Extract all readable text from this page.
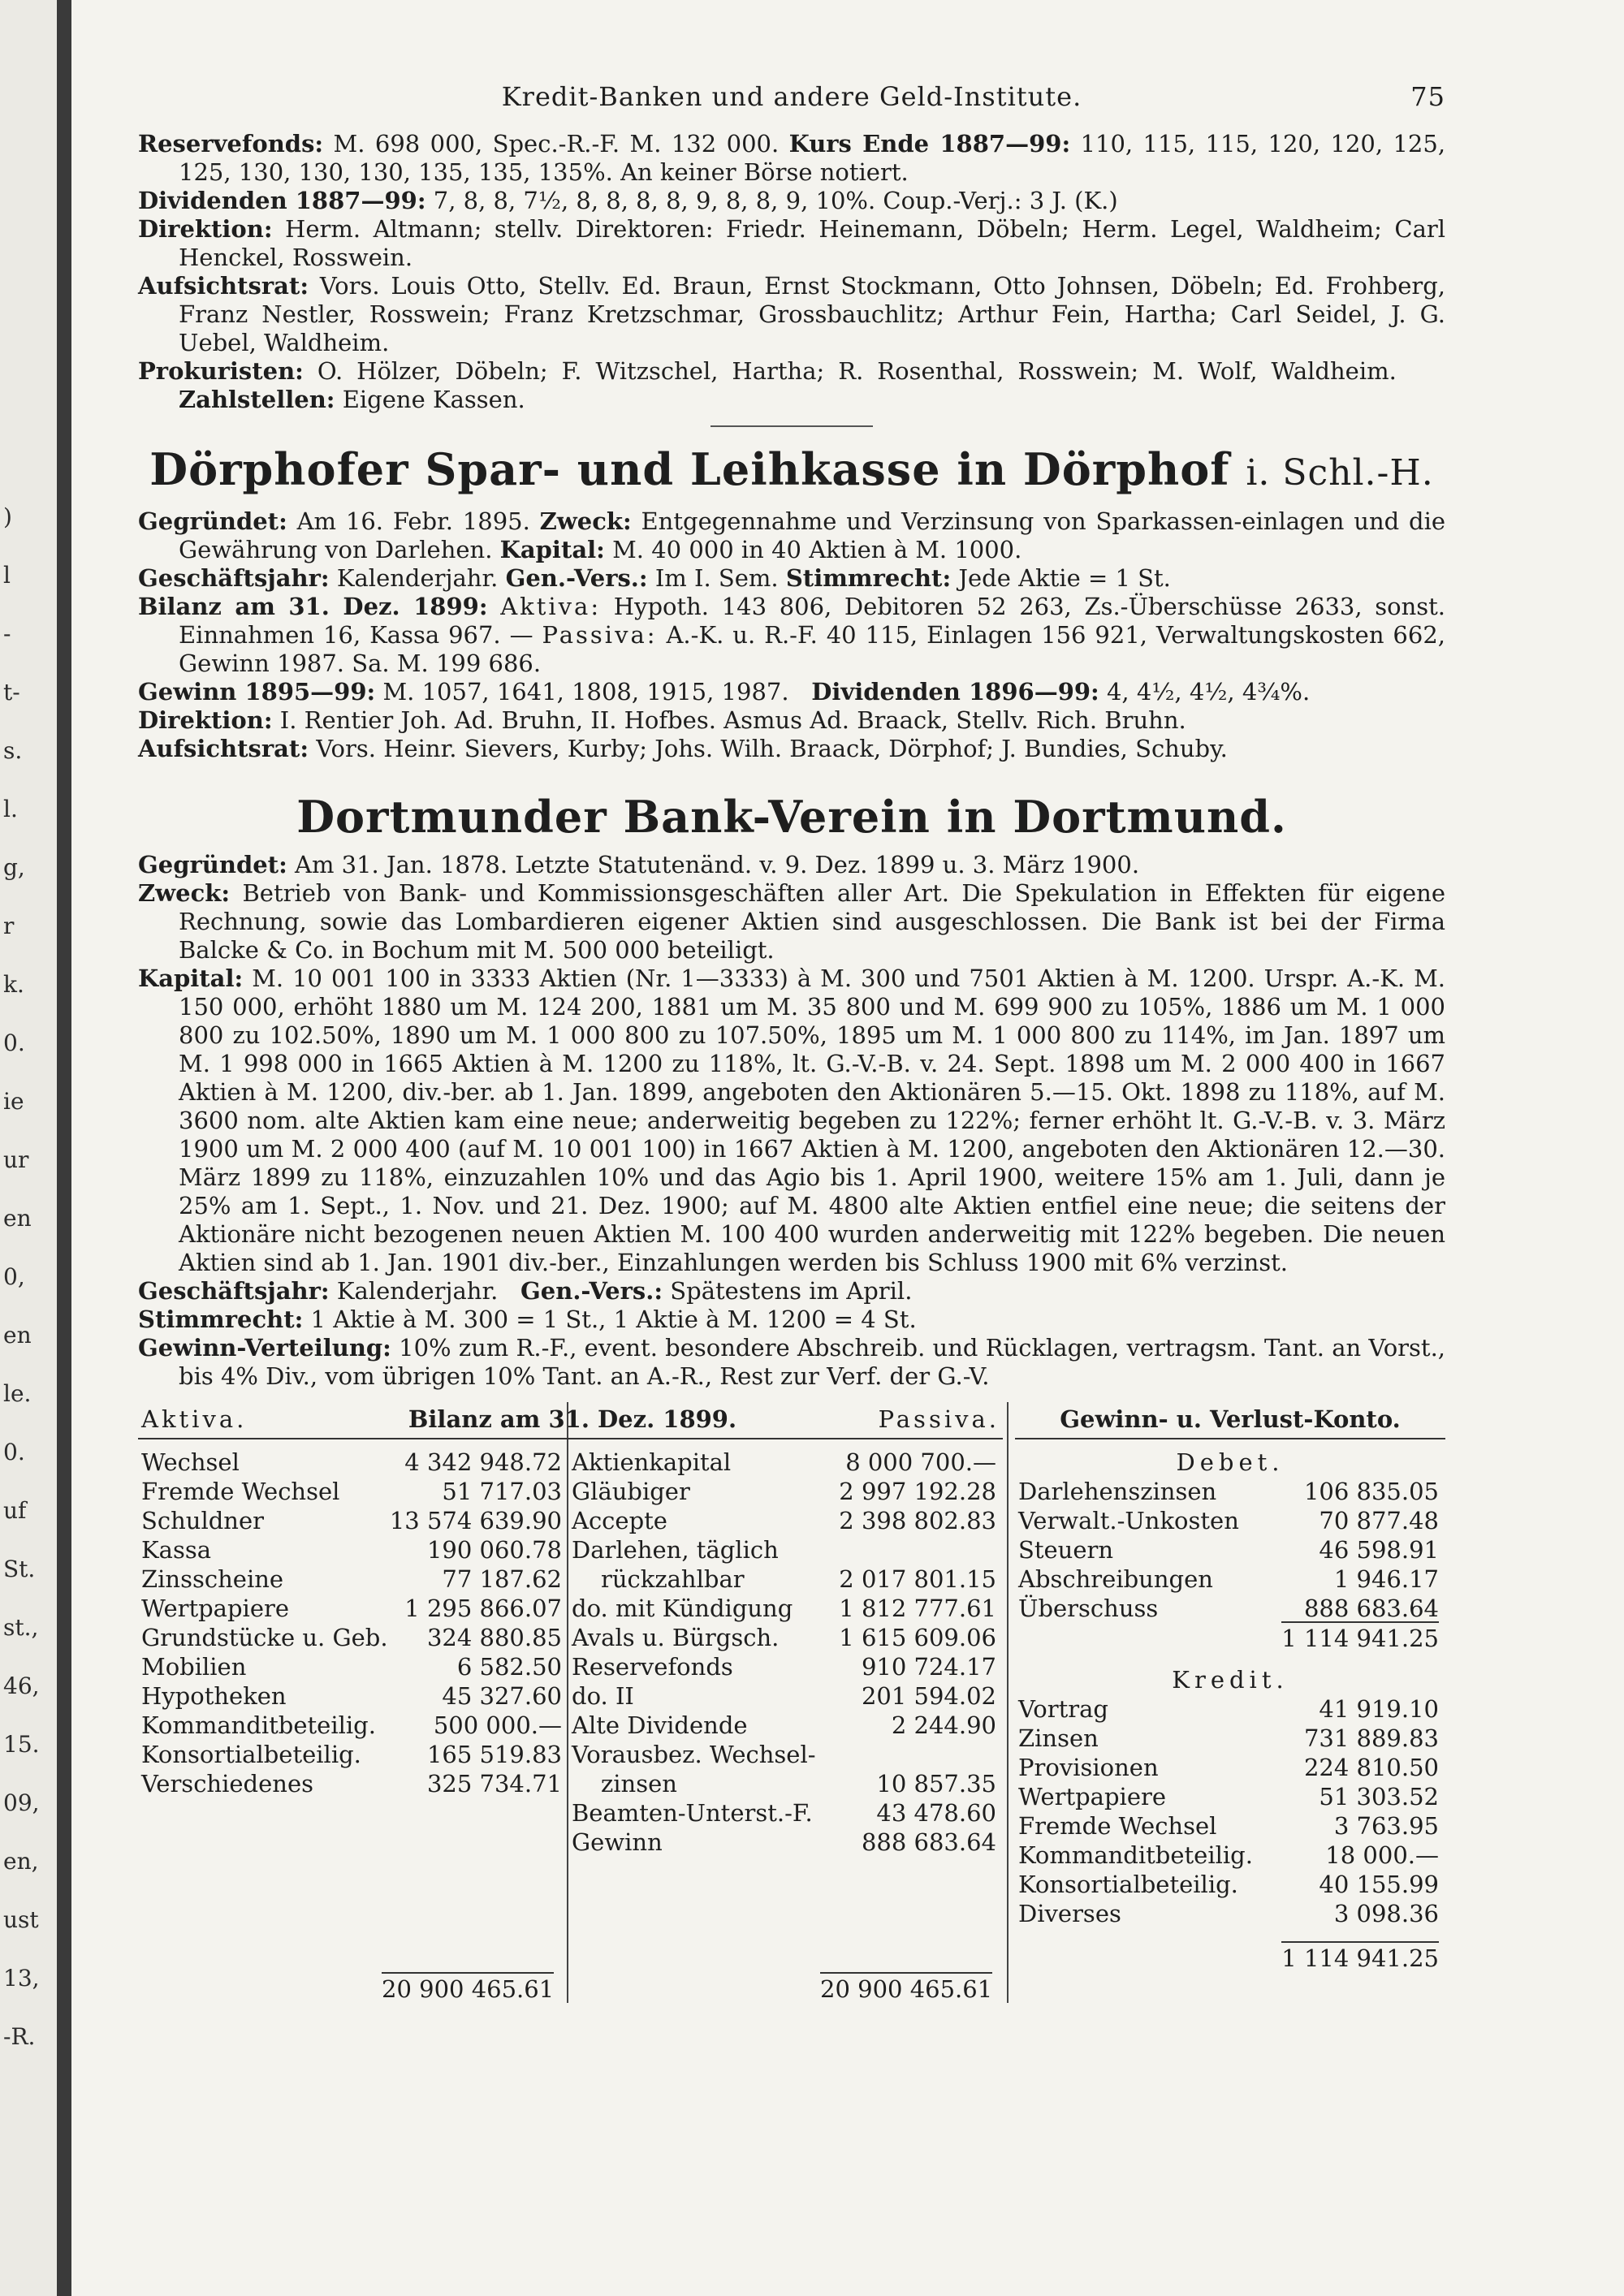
)
l
-
t-
s.
l.
g,
r
k.
0.
ie
ur
en
0,
en
le.
0.
uf
St.
st.,
46,
15.
09,
en,
ust
13,
-R.
Kredit-Banken und andere Geld-Institute.	75

Reservefonds: M. 698 000, Spec.-R.-F. M. 132 000. Kurs Ende 1887—99: 110, 115, 115, 120, 120, 125, 125, 130, 130, 130, 135, 135, 135%. An keiner Börse notiert.

Dividenden 1887—99: 7, 8, 8, 7½, 8, 8, 8, 8, 9, 8, 8, 9, 10%. Coup.-Verj.: 3 J. (K.)

Direktion: Herm. Altmann; stellv. Direktoren: Friedr. Heinemann, Döbeln; Herm. Legel, Waldheim; Carl Henckel, Rosswein.

Aufsichtsrat: Vors. Louis Otto, Stellv. Ed. Braun, Ernst Stockmann, Otto Johnsen, Döbeln; Ed. Frohberg, Franz Nestler, Rosswein; Franz Kretzschmar, Grossbauchlitz; Arthur Fein, Hartha; Carl Seidel, J. G. Uebel, Waldheim.

Prokuristen: O. Hölzer, Döbeln; F. Witzschel, Hartha; R. Rosenthal, Rosswein; M. Wolf, Waldheim.     Zahlstellen: Eigene Kassen.

Dörphofer Spar- und Leihkasse in Dörphof i. Schl.-H.

Gegründet: Am 16. Febr. 1895. Zweck: Entgegennahme und Verzinsung von Sparkassen-einlagen und die Gewährung von Darlehen. Kapital: M. 40 000 in 40 Aktien à M. 1000.

Geschäftsjahr: Kalenderjahr. Gen.-Vers.: Im I. Sem. Stimmrecht: Jede Aktie = 1 St.

Bilanz am 31. Dez. 1899: Aktiva: Hypoth. 143 806, Debitoren 52 263, Zs.-Überschüsse 2633, sonst. Einnahmen 16, Kassa 967. — Passiva: A.-K. u. R.-F. 40 115, Einlagen 156 921, Verwaltungskosten 662, Gewinn 1987. Sa. M. 199 686.

Gewinn 1895—99: M. 1057, 1641, 1808, 1915, 1987. Dividenden 1896—99: 4, 4½, 4½, 4¾%.

Direktion: I. Rentier Joh. Ad. Bruhn, II. Hofbes. Asmus Ad. Braack, Stellv. Rich. Bruhn.

Aufsichtsrat: Vors. Heinr. Sievers, Kurby; Johs. Wilh. Braack, Dörphof; J. Bundies, Schuby.

Dortmunder Bank-Verein in Dortmund.

Gegründet: Am 31. Jan. 1878. Letzte Statutenänd. v. 9. Dez. 1899 u. 3. März 1900.

Zweck: Betrieb von Bank- und Kommissionsgeschäften aller Art. Die Spekulation in Effekten für eigene Rechnung, sowie das Lombardieren eigener Aktien sind ausgeschlossen. Die Bank ist bei der Firma Balcke & Co. in Bochum mit M. 500 000 beteiligt.

Kapital: M. 10 001 100 in 3333 Aktien (Nr. 1—3333) à M. 300 und 7501 Aktien à M. 1200. Urspr. A.-K. M. 150 000, erhöht 1880 um M. 124 200, 1881 um M. 35 800 und M. 699 900 zu 105%, 1886 um M. 1 000 800 zu 102.50%, 1890 um M. 1 000 800 zu 107.50%, 1895 um M. 1 000 800 zu 114%, im Jan. 1897 um M. 1 998 000 in 1665 Aktien à M. 1200 zu 118%, lt. G.-V.-B. v. 24. Sept. 1898 um M. 2 000 400 in 1667 Aktien à M. 1200, div.-ber. ab 1. Jan. 1899, angeboten den Aktionären 5.—15. Okt. 1898 zu 118%, auf M. 3600 nom. alte Aktien kam eine neue; anderweitig begeben zu 122%; ferner erhöht lt. G.-V.-B. v. 3. März 1900 um M. 2 000 400 (auf M. 10 001 100) in 1667 Aktien à M. 1200, angeboten den Aktionären 12.—30. März 1899 zu 118%, einzuzahlen 10% und das Agio bis 1. April 1900, weitere 15% am 1. Juli, dann je 25% am 1. Sept., 1. Nov. und 21. Dez. 1900; auf M. 4800 alte Aktien entfiel eine neue; die seitens der Aktionäre nicht bezogenen neuen Aktien M. 100 400 wurden anderweitig mit 122% begeben. Die neuen Aktien sind ab 1. Jan. 1901 div.-ber., Einzahlungen werden bis Schluss 1900 mit 6% verzinst.

Geschäftsjahr: Kalenderjahr. Gen.-Vers.: Spätestens im April.

Stimmrecht: 1 Aktie à M. 300 = 1 St., 1 Aktie à M. 1200 = 4 St.

Gewinn-Verteilung: 10% zum R.-F., event. besondere Abschreib. und Rücklagen, vertragsm. Tant. an Vorst., bis 4% Div., vom übrigen 10% Tant. an A.-R., Rest zur Verf. der G.-V.

Aktiva.	Bilanz am 31. Dez. 1899.
Wechsel	4 342 948.72
Fremde Wechsel	51 717.03
Schuldner	13 574 639.90
Kassa	190 060.78
Zinsscheine	77 187.62
Wertpapiere	1 295 866.07
Grundstücke u. Geb. 324 880.85
Mobilien	6 582.50
Hypotheken	45 327.60
Kommanditbeteilig. 500 000.—
Konsortialbeteilig.	165 519.83
Verschiedenes	325 734.71
Passiva.
Aktienkapital	8 000 700.—
Gläubiger	2 997 192.28
Accepte	2 398 802.83
Darlehen, täglich
rückzahlbar	2 017 801.15
do. mit Kündigung 1 812 777.61
Avals u. Bürgsch.	1 615 609.06
Reservefonds	910 724.17
do. II	201 594.02
Alte Dividende	2 244.90
Vorausbez. Wechsel-
zinsen	10 857.35
Beamten-Unterst.-F.	43 478.60
Gewinn	888 683.64
Gewinn- u. Verlust-Konto.
Debet.
Darlehenszinsen	106 835.05
Verwalt.-Unkosten	70 877.48
Steuern	46 598.91
Abschreibungen	1 946.17
Überschuss	888 683.64
1 114 941.25
Kredit.
Vortrag	41 919.10
Zinsen	731 889.83
Provisionen	224 810.50
Wertpapiere	51 303.52
Fremde Wechsel	3 763.95
Kommanditbeteilig.	18 000.—
Konsortialbeteilig.	40 155.99
Diverses	3 098.36
1 114 941.25
20 900 465.61	20 900 465.61
